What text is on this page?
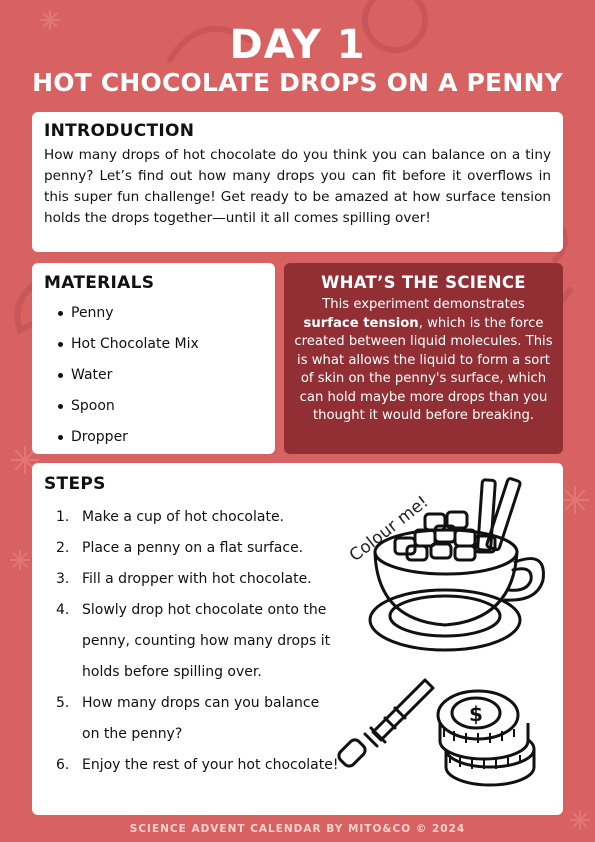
DAY 1
HOT CHOCOLATE DROPS ON A PENNY
INTRODUCTION

How many drops of hot chocolate do you think you can balance on a tiny penny? Let’s find out how many drops you can fit before it overflows in this super fun challenge! Get ready to be amazed at how surface tension holds the drops together—until it all comes spilling over!

MATERIALS
Penny
Hot Chocolate Mix
Water
Spoon
Dropper
WHAT’S THE SCIENCE

This experiment demonstrates surface tension, which is the force created between liquid molecules. This is what allows the liquid to form a sort of skin on the penny's surface, which can hold maybe more drops than you thought it would before breaking.

STEPS
1. Make a cup of hot chocolate.
2. Place a penny on a flat surface.
3. Fill a dropper with hot chocolate.
4. Slowly drop hot chocolate onto the penny, counting how many drops it holds before spilling over.
5. How many drops can you balance on the penny?
6. Enjoy the rest of your hot chocolate!
Colour me!
$
SCIENCE ADVENT CALENDAR BY MITO&CO © 2024
